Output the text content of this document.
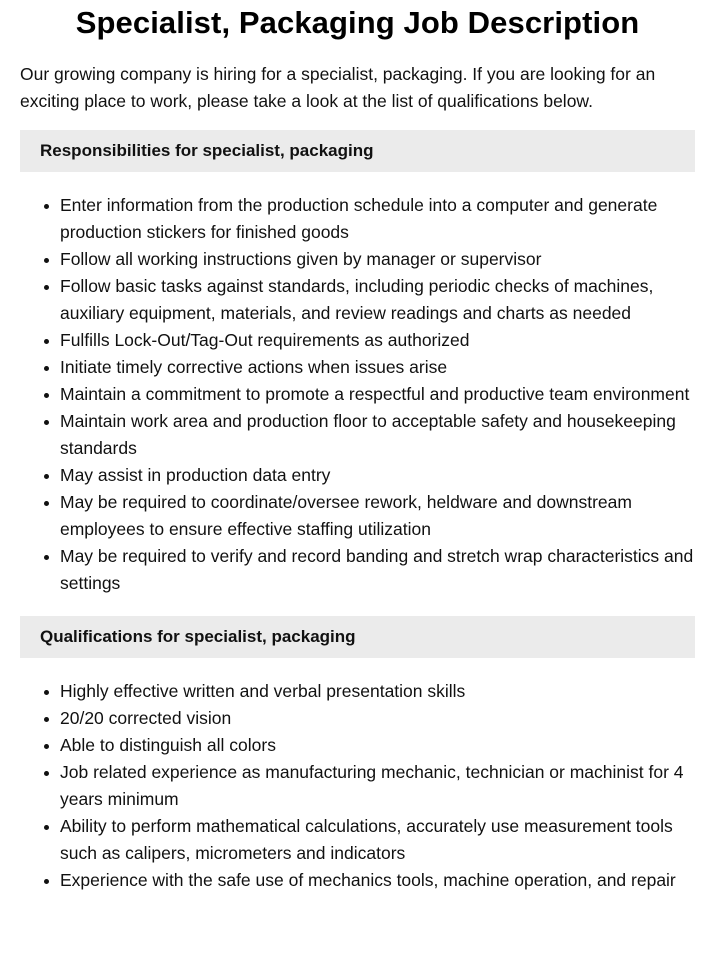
Specialist, Packaging Job Description

Our growing company is hiring for a specialist, packaging. If you are looking for an exciting place to work, please take a look at the list of qualifications below.

Responsibilities for specialist, packaging
Enter information from the production schedule into a computer and generate production stickers for finished goods
Follow all working instructions given by manager or supervisor
Follow basic tasks against standards, including periodic checks of machines, auxiliary equipment, materials, and review readings and charts as needed
Fulfills Lock-Out/Tag-Out requirements as authorized
Initiate timely corrective actions when issues arise
Maintain a commitment to promote a respectful and productive team environment
Maintain work area and production floor to acceptable safety and housekeeping standards
May assist in production data entry
May be required to coordinate/oversee rework, heldware and downstream employees to ensure effective staffing utilization
May be required to verify and record banding and stretch wrap characteristics and settings
Qualifications for specialist, packaging
Highly effective written and verbal presentation skills
20/20 corrected vision
Able to distinguish all colors
Job related experience as manufacturing mechanic, technician or machinist for 4 years minimum
Ability to perform mathematical calculations, accurately use measurement tools such as calipers, micrometers and indicators
Experience with the safe use of mechanics tools, machine operation, and repair
